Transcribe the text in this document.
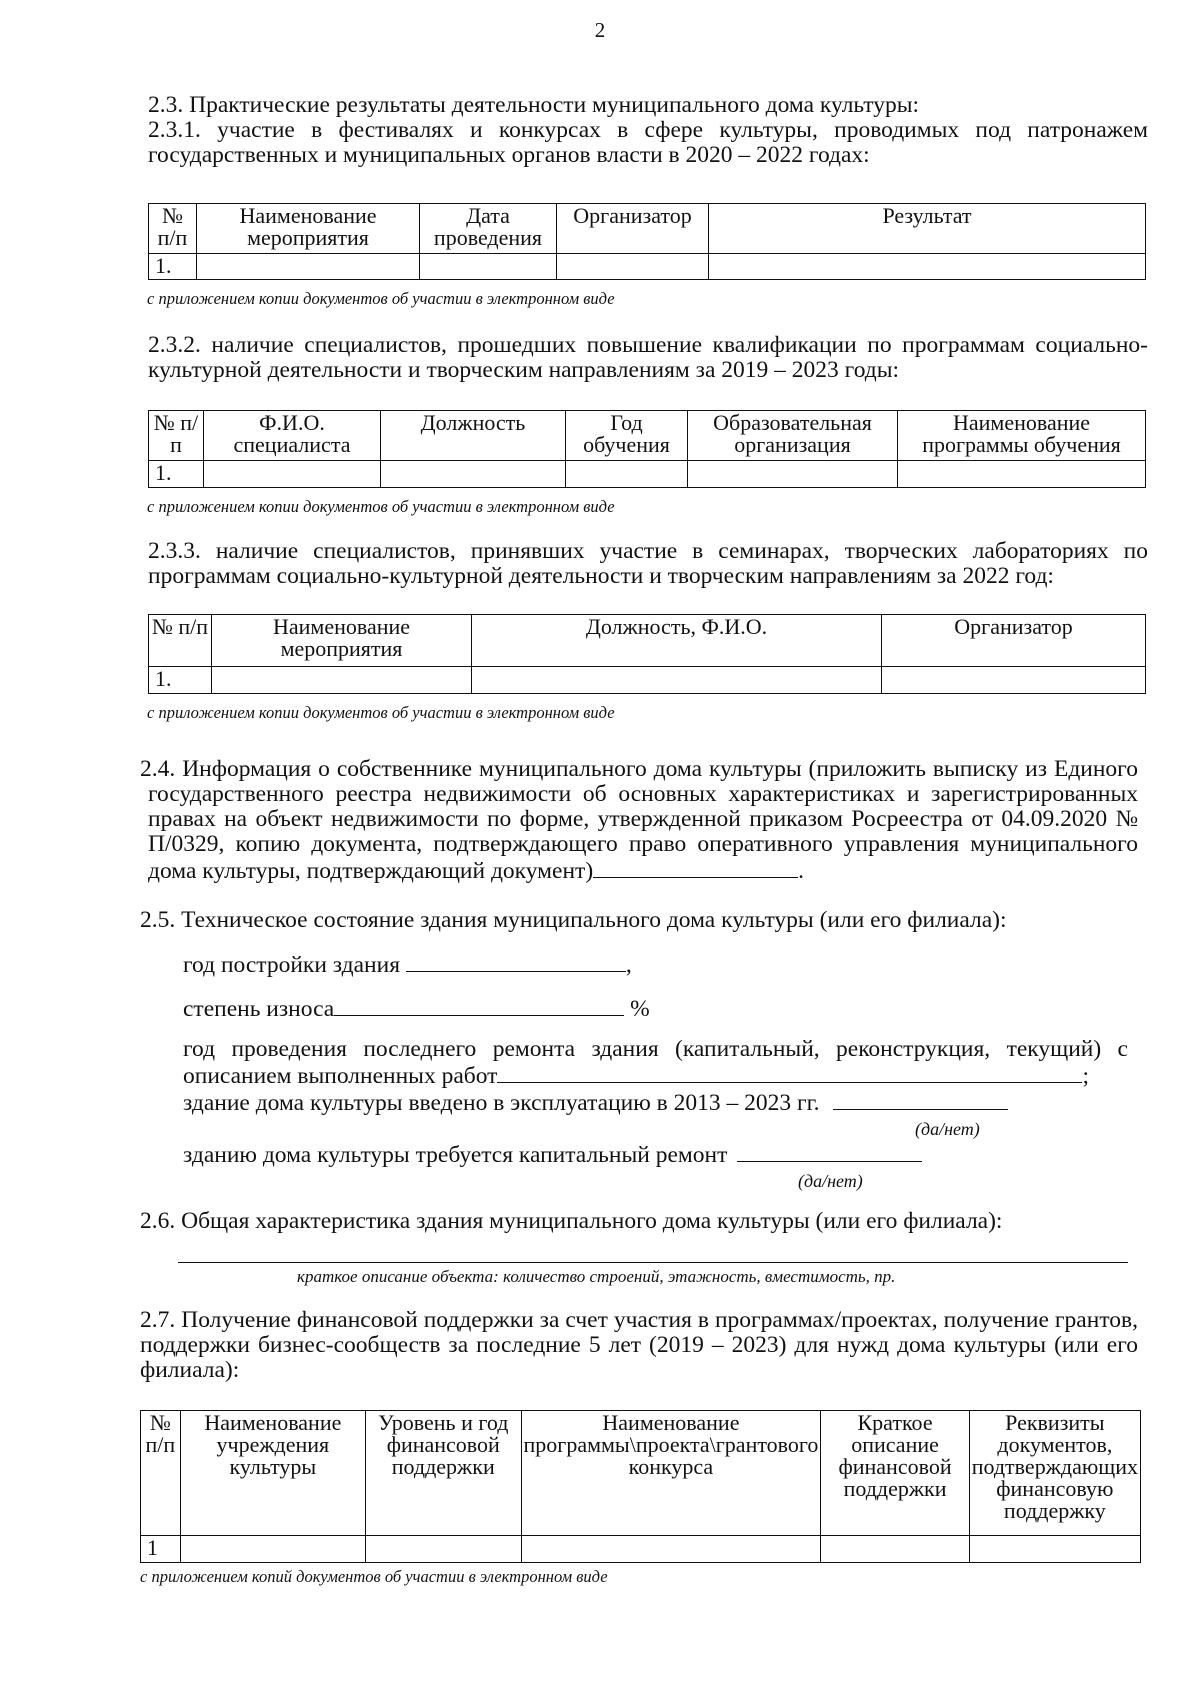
2

2.3. Практические результаты деятельности муниципального дома культуры:

2.3.1. участие в фестивалях и конкурсах в сфере культуры, проводимых под патронажем государственных и муниципальных органов власти в 2020 – 2022 годах:

№ п/п	Наименование мероприятия	Дата проведения	Организатор	Результат
1.				
с приложением копии документов об участии в электронном виде

2.3.2. наличие специалистов, прошедших повышение квалификации по программам социально-культурной деятельности и творческим направлениям за 2019 – 2023 годы:

№ п/п	Ф.И.О. специалиста	Должность	Год обучения	Образовательная организация	Наименование программы обучения
1.					
с приложением копии документов об участии в электронном виде

2.3.3. наличие специалистов, принявших участие в семинарах, творческих лабораториях по программам социально-культурной деятельности и творческим направлениям за 2022 год:

№ п/п	Наименование мероприятия	Должность, Ф.И.О.	Организатор
1.			
с приложением копии документов об участии в электронном виде

2.4. Информация о собственнике муниципального дома культуры (приложить выписку из Единого государственного реестра недвижимости об основных характеристиках и зарегистрированных правах на объект недвижимости по форме, утвержденной приказом Росреестра от 04.09.2020 № П/0329, копию документа, подтверждающего право оперативного управления муниципального дома культуры, подтверждающий документ)	.

2.5. Техническое состояние здания муниципального дома культуры (или его филиала):
год постройки здания	,
степень износа	%

год проведения последнего ремонта здания (капитальный, реконструкция, текущий) с описанием выполненных работ	;

здание дома культуры введено в эксплуатацию в 2013 – 2023 гг.
(да/нет)
зданию дома культуры требуется капитальный ремонт
(да/нет)
2.6. Общая характеристика здания муниципального дома культуры (или его филиала):
краткое описание объекта: количество строений, этажность, вместимость, пр.

2.7. Получение финансовой поддержки за счет участия в программах/проектах, получение грантов, поддержки бизнес-сообществ за последние 5 лет (2019 – 2023) для нужд дома культуры (или его филиала):

№ п/п	Наименование учреждения культуры	Уровень и год финансовой поддержки	Наименование программы\проекта\грантового конкурса	Краткое описание финансовой поддержки	Реквизиты документов, подтверждающих финансовую поддержку
1					
с приложением копий документов об участии в электронном виде
